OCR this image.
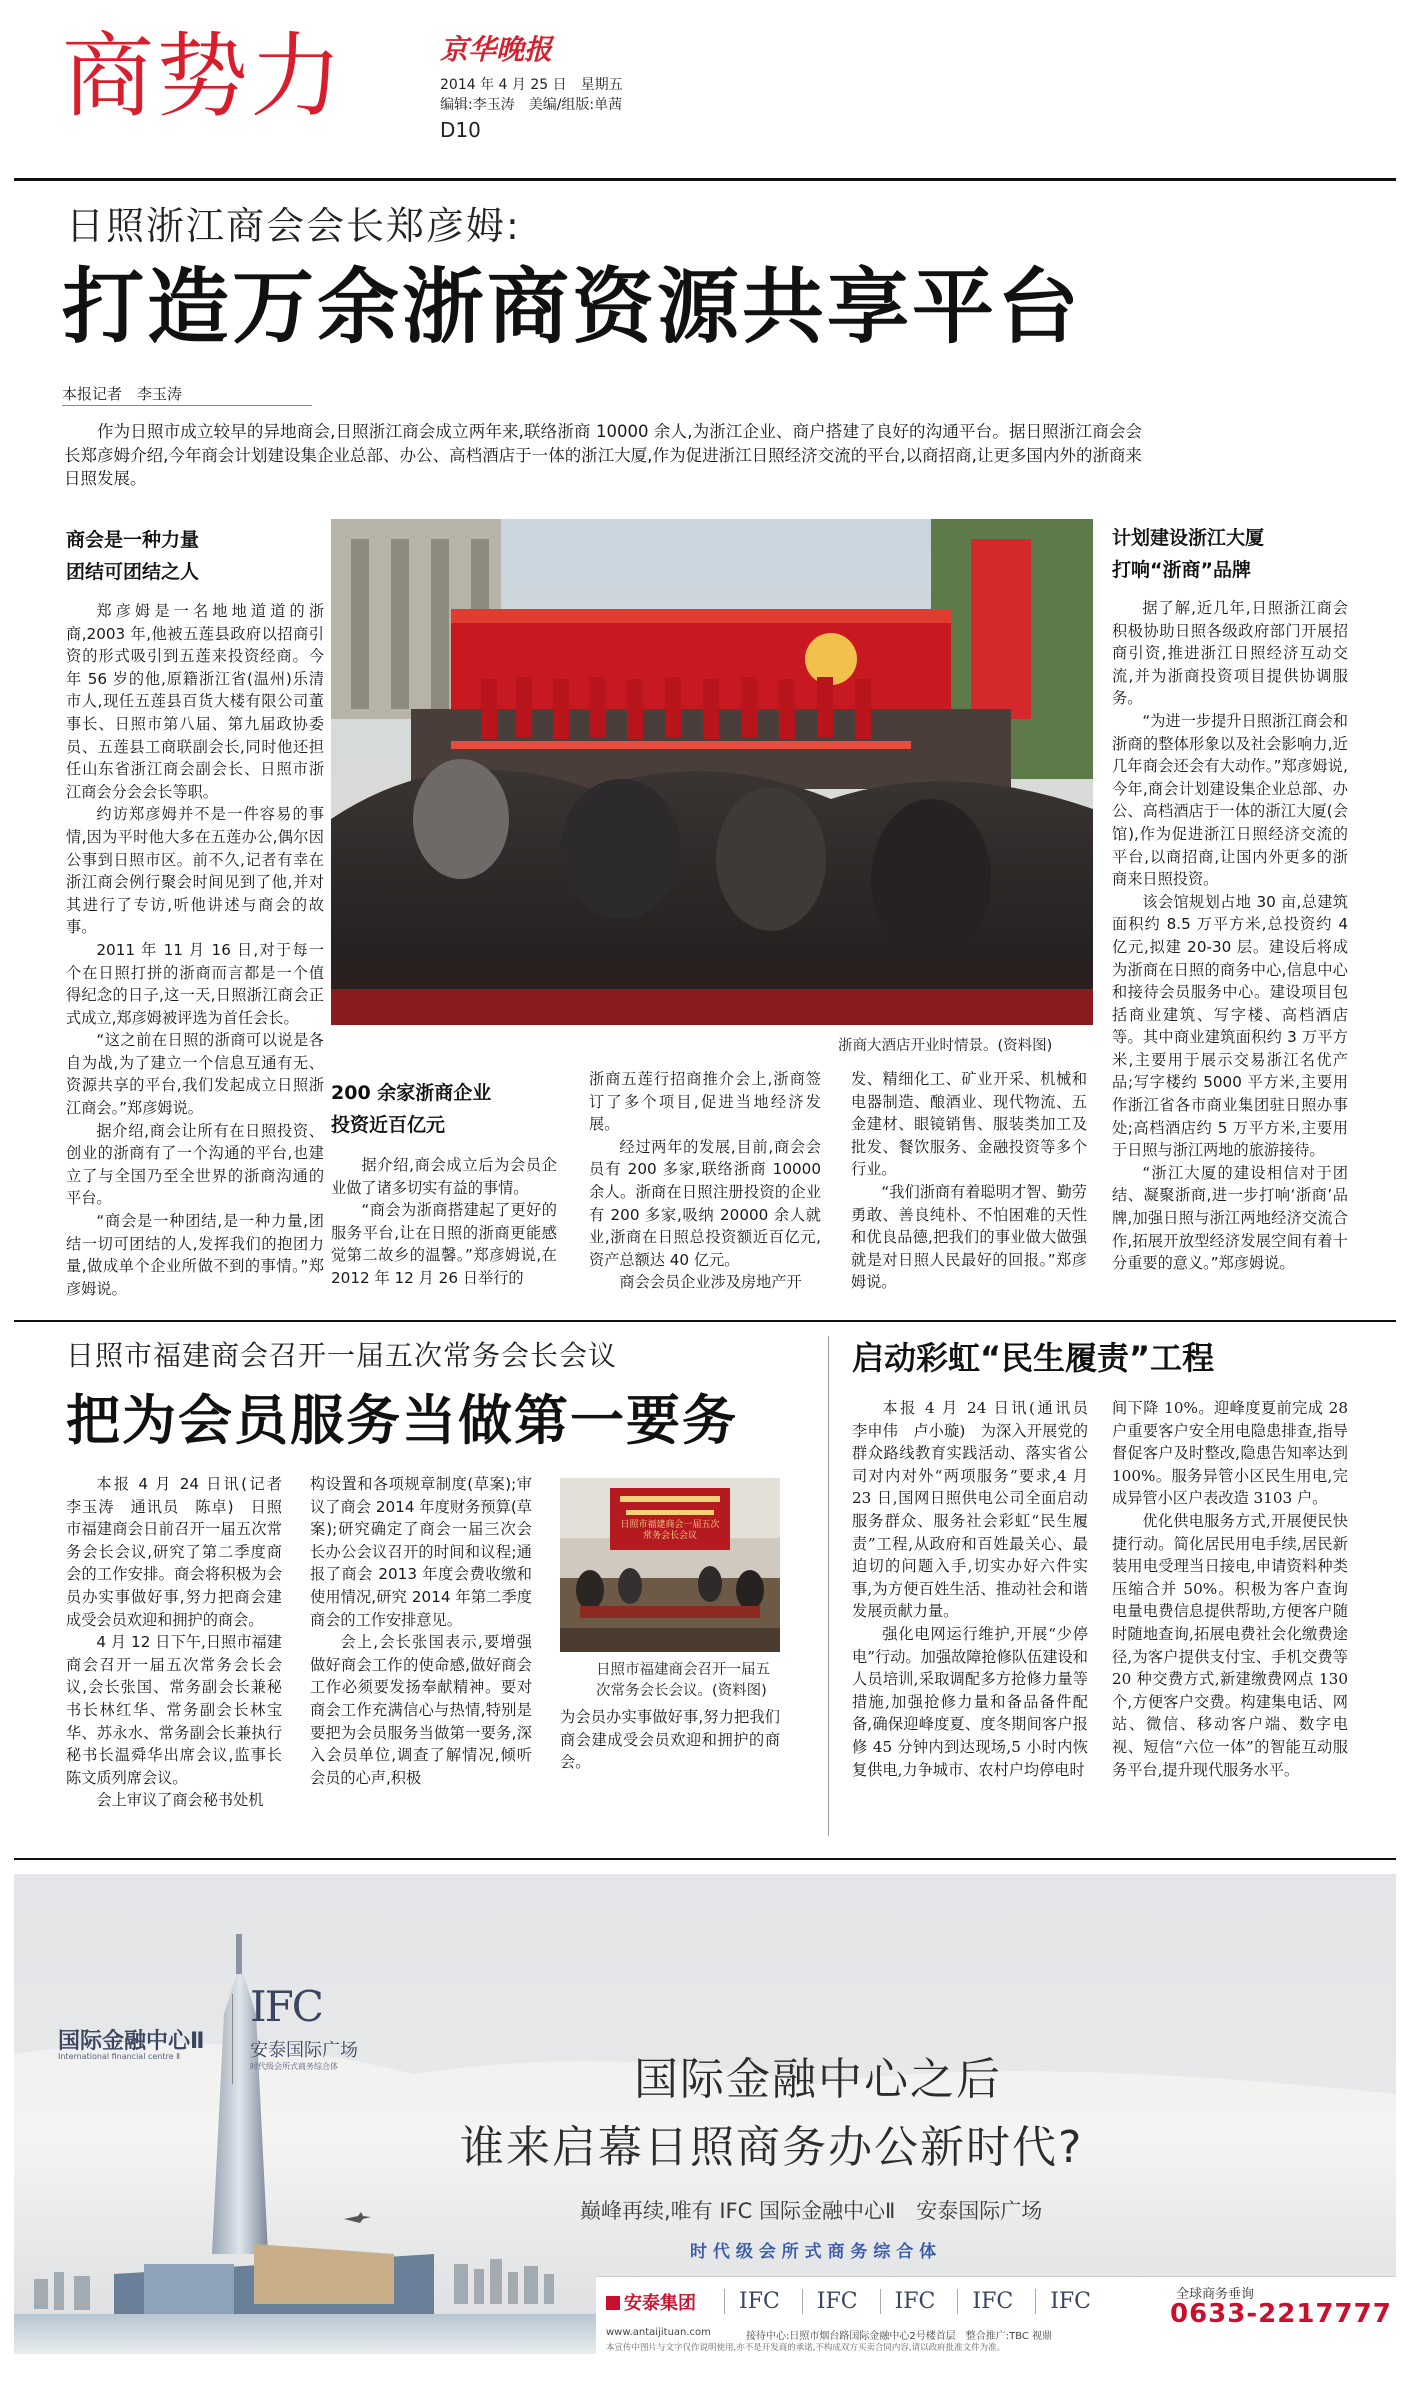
商势力	京华晚报
2014 年 4 月 25 日　星期五
编辑:李玉涛　美编/组版:单茜
D10
日照浙江商会会长郑彦姆:
打造万余浙商资源共享平台
本报记者　李玉涛

作为日照市成立较早的异地商会,日照浙江商会成立两年来,联络浙商 10000 余人,为浙江企业、商户搭建了良好的沟通平台。据日照浙江商会会长郑彦姆介绍,今年商会计划建设集企业总部、办公、高档酒店于一体的浙江大厦,作为促进浙江日照经济交流的平台,以商招商,让更多国内外的浙商来日照发展。

商会是一种力量
团结可团结之人

郑彦姆是一名地地道道的浙商,2003 年,他被五莲县政府以招商引资的形式吸引到五莲来投资经商。今年 56 岁的他,原籍浙江省(温州)乐清市人,现任五莲县百货大楼有限公司董事长、日照市第八届、第九届政协委员、五莲县工商联副会长,同时他还担任山东省浙江商会副会长、日照市浙江商会分会会长等职。

约访郑彦姆并不是一件容易的事情,因为平时他大多在五莲办公,偶尔因公事到日照市区。前不久,记者有幸在浙江商会例行聚会时间见到了他,并对其进行了专访,听他讲述与商会的故事。

2011 年 11 月 16 日,对于每一个在日照打拼的浙商而言都是一个值得纪念的日子,这一天,日照浙江商会正式成立,郑彦姆被评选为首任会长。

“这之前在日照的浙商可以说是各自为战,为了建立一个信息互通有无、资源共享的平台,我们发起成立日照浙江商会。”郑彦姆说。

据介绍,商会让所有在日照投资、创业的浙商有了一个沟通的平台,也建立了与全国乃至全世界的浙商沟通的平台。

“商会是一种团结,是一种力量,团结一切可团结的人,发挥我们的抱团力量,做成单个企业所做不到的事情。”郑彦姆说。

浙商大酒店开业时情景。(资料图)
200 余家浙商企业
投资近百亿元

据介绍,商会成立后为会员企业做了诸多切实有益的事情。

“商会为浙商搭建起了更好的服务平台,让在日照的浙商更能感觉第二故乡的温馨。”郑彦姆说,在 2012 年 12 月 26 日举行的

浙商五莲行招商推介会上,浙商签订了多个项目,促进当地经济发展。

经过两年的发展,目前,商会会员有 200 多家,联络浙商 10000 余人。浙商在日照注册投资的企业有 200 多家,吸纳 20000 余人就业,浙商在日照总投资额近百亿元,资产总额达 40 亿元。

商会会员企业涉及房地产开

发、精细化工、矿业开采、机械和电器制造、酿酒业、现代物流、五金建材、眼镜销售、服装类加工及批发、餐饮服务、金融投资等多个行业。

“我们浙商有着聪明才智、勤劳勇敢、善良纯朴、不怕困难的天性和优良品德,把我们的事业做大做强就是对日照人民最好的回报。”郑彦姆说。

计划建设浙江大厦
打响“浙商”品牌

据了解,近几年,日照浙江商会积极协助日照各级政府部门开展招商引资,推进浙江日照经济互动交流,并为浙商投资项目提供协调服务。

“为进一步提升日照浙江商会和浙商的整体形象以及社会影响力,近几年商会还会有大动作。”郑彦姆说,今年,商会计划建设集企业总部、办公、高档酒店于一体的浙江大厦(会馆),作为促进浙江日照经济交流的平台,以商招商,让国内外更多的浙商来日照投资。

该会馆规划占地 30 亩,总建筑面积约 8.5 万平方米,总投资约 4 亿元,拟建 20-30 层。建设后将成为浙商在日照的商务中心,信息中心和接待会员服务中心。建设项目包括商业建筑、写字楼、高档酒店等。其中商业建筑面积约 3 万平方米,主要用于展示交易浙江名优产品;写字楼约 5000 平方米,主要用作浙江省各市商业集团驻日照办事处;高档酒店约 5 万平方米,主要用于日照与浙江两地的旅游接待。

“浙江大厦的建设相信对于团结、凝聚浙商,进一步打响‘浙商’品牌,加强日照与浙江两地经济交流合作,拓展开放型经济发展空间有着十分重要的意义。”郑彦姆说。

日照市福建商会召开一届五次常务会长会议
把为会员服务当做第一要务

本报 4 月 24 日讯(记者　李玉涛　通讯员　陈卓)　日照市福建商会日前召开一届五次常务会长会议,研究了第二季度商会的工作安排。商会将积极为会员办实事做好事,努力把商会建成受会员欢迎和拥护的商会。

4 月 12 日下午,日照市福建商会召开一届五次常务会长会议,会长张国、常务副会长兼秘书长林红华、常务副会长林宝华、苏永水、常务副会长兼执行秘书长温舜华出席会议,监事长陈文质列席会议。

会上审议了商会秘书处机

构设置和各项规章制度(草案);审议了商会 2014 年度财务预算(草案);研究确定了商会一届三次会长办公会议召开的时间和议程;通报了商会 2013 年度会费收缴和使用情况,研究 2014 年第二季度商会的工作安排意见。

会上,会长张国表示,要增强做好商会工作的使命感,做好商会工作必须要发扬奉献精神。要对商会工作充满信心与热情,特别是要把为会员服务当做第一要务,深入会员单位,调查了解情况,倾听会员的心声,积极

日照市福建商会一届五次常务会长会议
日照市福建商会召开一届五次常务会长会议。(资料图)

为会员办实事做好事,努力把我们商会建成受会员欢迎和拥护的商会。

启动彩虹“民生履责”工程

本报 4 月 24 日讯(通讯员　李申伟　卢小璇)　为深入开展党的群众路线教育实践活动、落实省公司对内对外“两项服务”要求,4 月 23 日,国网日照供电公司全面启动服务群众、服务社会彩虹“民生履责”工程,从政府和百姓最关心、最迫切的问题入手,切实办好六件实事,为方便百姓生活、推动社会和谐发展贡献力量。

强化电网运行维护,开展“少停电”行动。加强故障抢修队伍建设和人员培训,采取调配多方抢修力量等措施,加强抢修力量和备品备件配备,确保迎峰度夏、度冬期间客户报修 45 分钟内到达现场,5 小时内恢复供电,力争城市、农村户均停电时

间下降 10%。迎峰度夏前完成 28 户重要客户安全用电隐患排查,指导督促客户及时整改,隐患告知率达到 100%。服务异管小区民生用电,完成异管小区户表改造 3103 户。

优化供电服务方式,开展便民快捷行动。简化居民用电手续,居民新装用电受理当日接电,申请资料种类压缩合并 50%。积极为客户查询电量电费信息提供帮助,方便客户随时随地查询,拓展电费社会化缴费途径,为客户提供支付宝、手机交费等 20 种交费方式,新建缴费网点 130 个,方便客户交费。构建集电话、网站、微信、移动客户端、数字电视、短信“六位一体”的智能互动服务平台,提升现代服务水平。

国际金融中心Ⅱ
International financial centre Ⅱ
IFC
安泰国际广场
时代级会所式商务综合体	国际金融中心之后
谁来启幕日照商务办公新时代?
巅峰再续,唯有 IFC 国际金融中心Ⅱ　安泰国际广场
时 代 级 会 所 式 商 务 综 合 体
安泰集团	IFC	IFC	IFC	IFC	IFC	全球商务垂询
0633-2217777
www.antaijituan.com	接待中心:日照市烟台路国际金融中心2号楼首层　整合推广:TBC 视鼎
本宣传中图片与文字仅作说明使用,亦不是开发商的承诺,不构成双方买卖合同内容,请以政府批准文件为准。
